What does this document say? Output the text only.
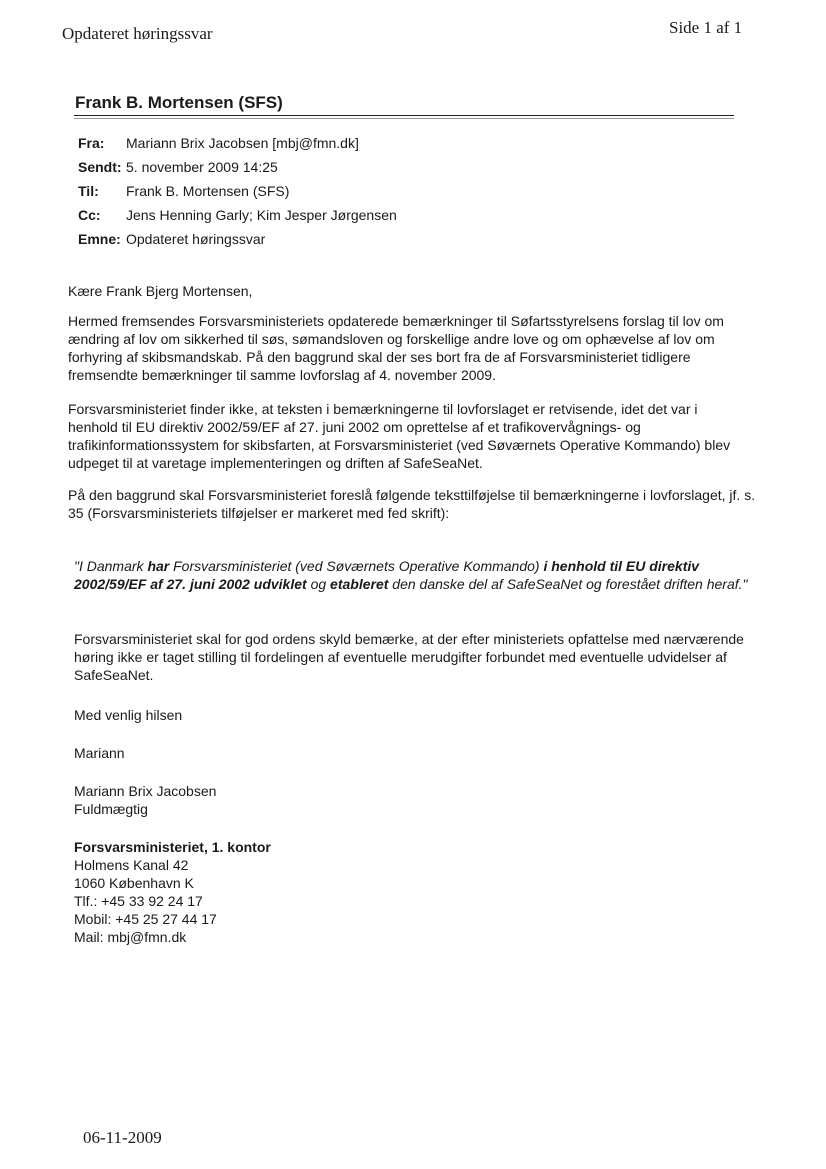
Opdateret høringssvar	Side 1 af 1
Frank B. Mortensen (SFS)
Fra:	Mariann Brix Jacobsen [mbj@fmn.dk]
Sendt: 5. november 2009 14:25
Til:	Frank B. Mortensen (SFS)
Cc:	Jens Henning Garly; Kim Jesper Jørgensen
Emne: Opdateret høringssvar

Kære Frank Bjerg Mortensen,

Hermed fremsendes Forsvarsministeriets opdaterede bemærkninger til Søfartsstyrelsens forslag til lov om ændring af lov om sikkerhed til søs, sømandsloven og forskellige andre love og om ophævelse af lov om forhyring af skibsmandskab. På den baggrund skal der ses bort fra de af Forsvarsministeriet tidligere fremsendte bemærkninger til samme lovforslag af 4. november 2009.

Forsvarsministeriet finder ikke, at teksten i bemærkningerne til lovforslaget er retvisende, idet det var i henhold til EU direktiv 2002/59/EF af 27. juni 2002 om oprettelse af et trafikovervågnings- og trafikinformationssystem for skibsfarten, at Forsvarsministeriet (ved Søværnets Operative Kommando) blev udpeget til at varetage implementeringen og driften af SafeSeaNet.

På den baggrund skal Forsvarsministeriet foreslå følgende teksttilføjelse til bemærkningerne i lovforslaget, jf. s. 35 (Forsvarsministeriets tilføjelser er markeret med fed skrift):

"I Danmark har Forsvarsministeriet (ved Søværnets Operative Kommando) i henhold til EU direktiv 2002/59/EF af 27. juni 2002 udviklet og etableret den danske del af SafeSeaNet og forestået driften heraf."

Forsvarsministeriet skal for god ordens skyld bemærke, at der efter ministeriets opfattelse med nærværende høring ikke er taget stilling til fordelingen af eventuelle merudgifter forbundet med eventuelle udvidelser af SafeSeaNet.

Med venlig hilsen

Mariann

Mariann Brix Jacobsen
Fuldmægtig
Forsvarsministeriet, 1. kontor
Holmens Kanal 42
1060 København K
Tlf.: +45 33 92 24 17
Mobil: +45 25 27 44 17
Mail: mbj@fmn.dk
06-11-2009
